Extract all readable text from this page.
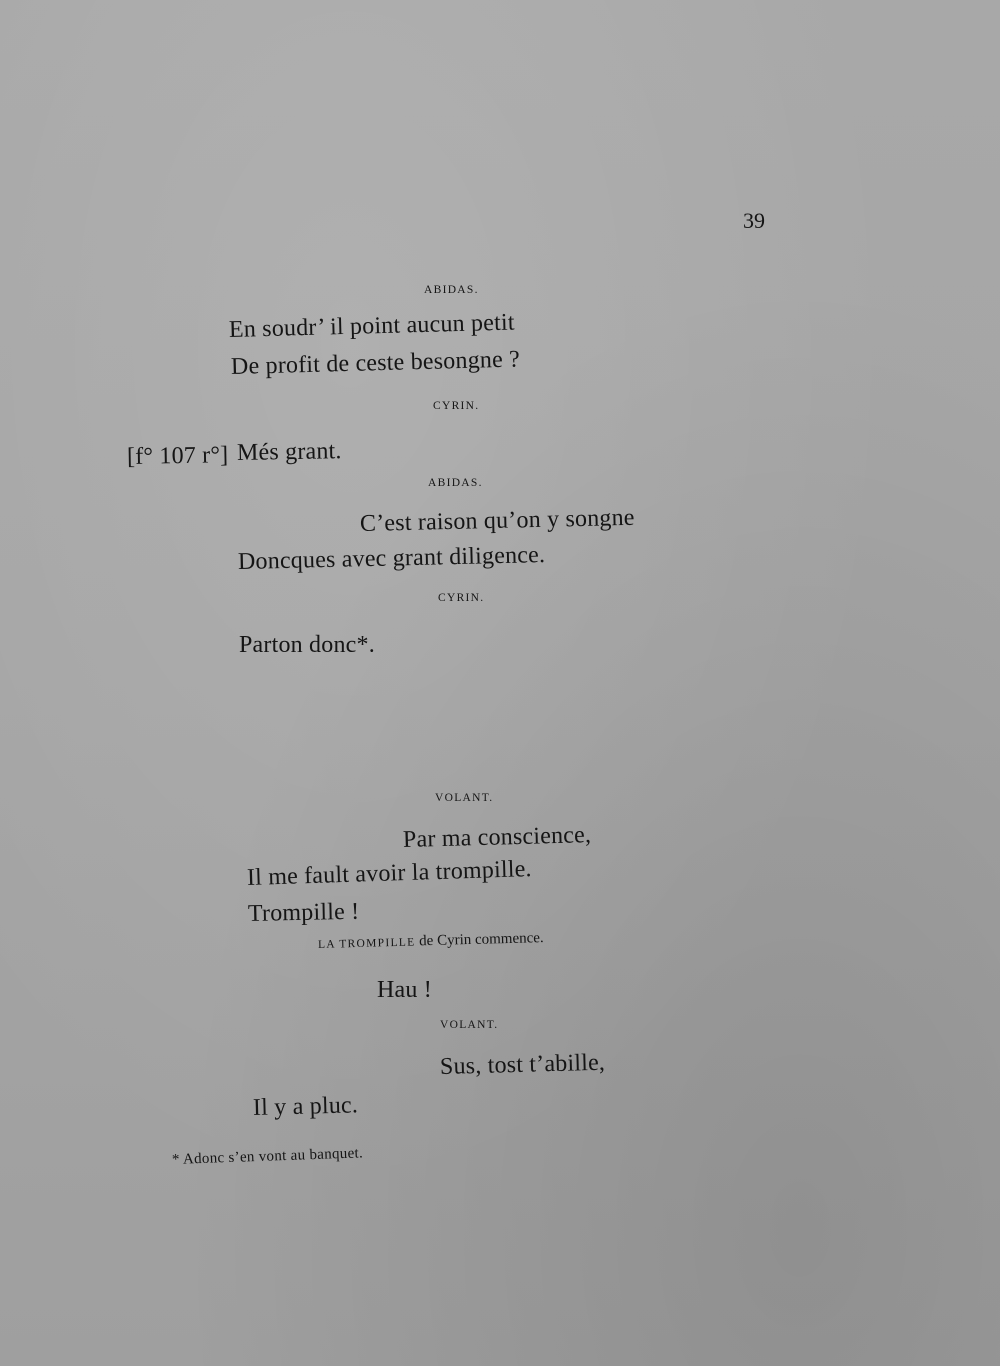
39
ABIDAS.
En soudr’ il point aucun petit
De profit de ceste besongne ?
CYRIN.
[f° 107 r°] Més grant.
ABIDAS.
C’est raison qu’on y songne
Doncques avec grant diligence.
CYRIN.
Parton donc*.
VOLANT.
Par ma conscience,
Il me fault avoir la trompille.
Trompille !
LA TROMPILLE de Cyrin commence.
Hau !
VOLANT.
Sus, tost t’abille,
Il y a pluc.
* Adonc s’en vont au banquet.
